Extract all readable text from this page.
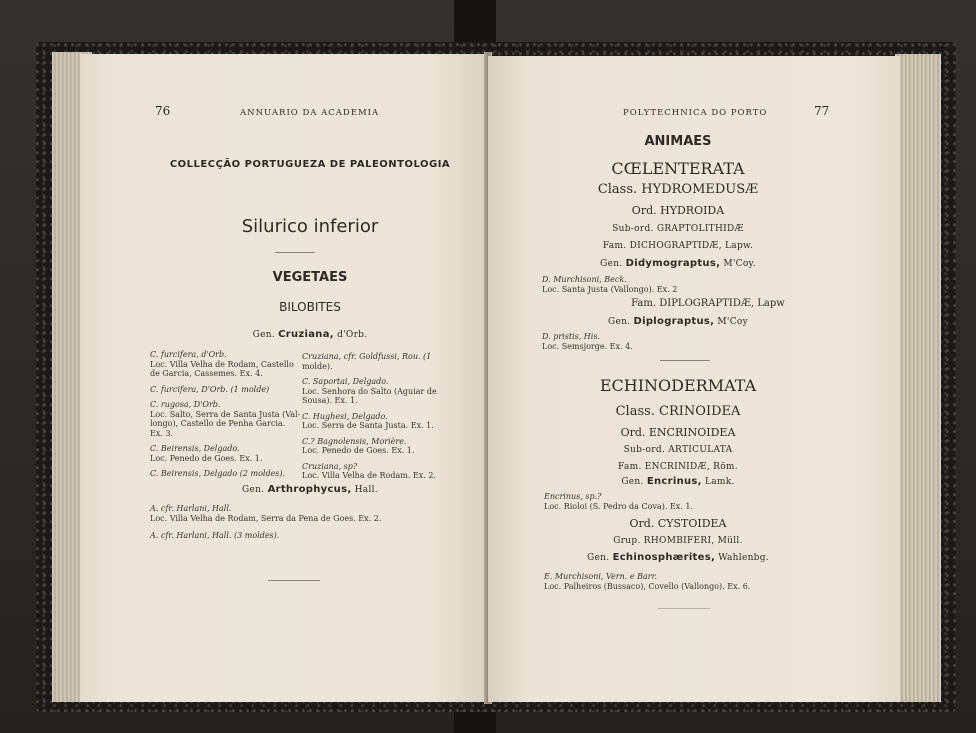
76	ANNUARIO DA ACADEMIA
COLLECÇÃO PORTUGUEZA DE PALEONTOLOGIA
Silurico inferior
VEGETAES
BILOBITES
Gen. Cruziana, d'Orb.
C. furcifera, d'Orb.
Loc. Villa Velha de Rodam, Castello
de Garcia, Cassemes. Ex. 4.
C. furcifera, D'Orb. (1 molde)
C. rugosa, D'Orb.
Loc. Salto, Serra de Santa Justa (Val-
longo), Castello de Penha Garcia.
Ex. 3.
C. Beirensis, Delgado.
Loc. Penedo de Goes. Ex. 1.
C. Beirensis, Delgado (2 moldes).
Cruziana, cfr. Goldfussi, Rou. (1
molde).
C. Saportai, Delgado.
Loc. Senhora do Salto (Aguiar de
Sousa). Ex. 1.
C. Hughesi, Delgado.
Loc. Serra de Santa Justa. Ex. 1.
C.? Bagnolensis, Morière.
Loc. Penedo de Goes. Ex. 1.
Cruziana, sp?
Loc. Villa Velha de Rodam. Ex. 2.
Gen. Arthrophycus, Hall.
A. cfr. Harlani, Hall.
Loc. Villa Velha de Rodam, Serra da Pena de Goes. Ex. 2.
A. cfr. Harlani, Hall. (3 moldes).
POLYTECHNICA DO PORTO	77
ANIMAES
CŒLENTERATA
Class. HYDROMEDUSÆ
Ord. HYDROIDA
Sub-ord. GRAPTOLITHIDÆ
Fam. DICHOGRAPTIDÆ, Lapw.
Gen. Didymograptus, M'Coy.
D. Murchisoni, Beck.
Loc. Santa Justa (Vallongo). Ex. 2
Fam. DIPLOGRAPTIDÆ, Lapw
Gen. Diplograptus, M'Coy
D. pristis, His.
Loc. Semsjorge. Ex. 4.
ECHINODERMATA
Class. CRINOIDEA
Ord. ENCRINOIDEA
Sub-ord. ARTICULATA
Fam. ENCRINIDÆ, Röm.
Gen. Encrinus, Lamk.
Encrinus, sp.?
Loc. Rioloi (S. Pedro da Cova). Ex. 1.
Ord. CYSTOIDEA
Grup. RHOMBIFERI, Müll.
Gen. Echinosphærites, Wahlenbg.
E. Murchisoni, Vern. e Barr.
Loc. Palheiros (Bussaco), Covello (Vallongo). Ex. 6.
